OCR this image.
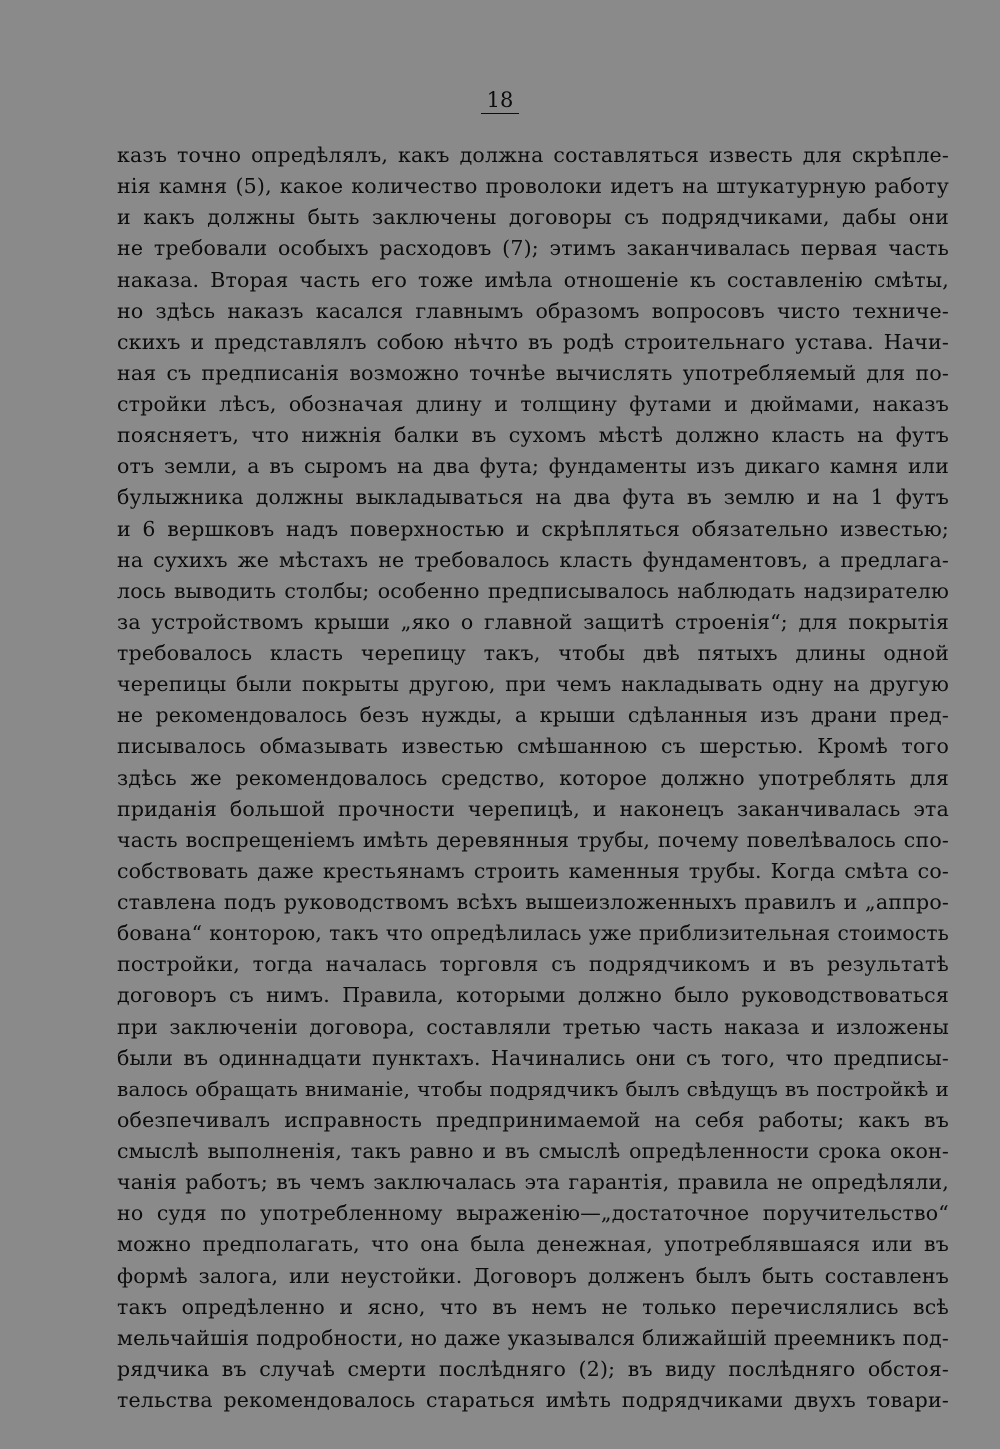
18
казъ точно опредѣлялъ, какъ должна составляться известь для скрѣпле-
нія камня (5), какое количество проволоки идетъ на штукатурную работу
и какъ должны быть заключены договоры съ подрядчиками, дабы они
не требовали особыхъ расходовъ (7); этимъ заканчивалась первая часть
наказа. Вторая часть его тоже имѣла отношеніе къ составленію смѣты,
но здѣсь наказъ касался главнымъ образомъ вопросовъ чисто техниче-
скихъ и представлялъ собою нѣчто въ родѣ строительнаго устава. Начи-
ная съ предписанія возможно точнѣе вычислять употребляемый для по-
стройки лѣсъ, обозначая длину и толщину футами и дюймами, наказъ
поясняетъ, что нижнія балки въ сухомъ мѣстѣ должно класть на футъ
отъ земли, а въ сыромъ на два фута; фундаменты изъ дикаго камня или
булыжника должны выкладываться на два фута въ землю и на 1 футъ
и 6 вершковъ надъ поверхностью и скрѣпляться обязательно известью;
на сухихъ же мѣстахъ не требовалось класть фундаментовъ, а предлага-
лось выводить столбы; особенно предписывалось наблюдать надзирателю
за устройствомъ крыши „яко о главной защитѣ строенія“; для покрытія
требовалось класть черепицу такъ, чтобы двѣ пятыхъ длины одной
черепицы были покрыты другою, при чемъ накладывать одну на другую
не рекомендовалось безъ нужды, а крыши сдѣланныя изъ драни пред-
писывалось обмазывать известью смѣшанною съ шерстью. Кромѣ того
здѣсь же рекомендовалось средство, которое должно употреблять для
приданія большой прочности черепицѣ, и наконецъ заканчивалась эта
часть воспрещеніемъ имѣть деревянныя трубы, почему повелѣвалось спо-
собствовать даже крестьянамъ строить каменныя трубы. Когда смѣта со-
ставлена подъ руководствомъ всѣхъ вышеизложенныхъ правилъ и „аппро-
бована“ конторою, такъ что опредѣлилась уже приблизительная стоимость
постройки, тогда началась торговля съ подрядчикомъ и въ результатѣ
договоръ съ нимъ. Правила, которыми должно было руководствоваться
при заключеніи договора, составляли третью часть наказа и изложены
были въ одиннадцати пунктахъ. Начинались они съ того, что предписы-
валось обращать вниманіе, чтобы подрядчикъ былъ свѣдущъ въ постройкѣ и
обезпечивалъ исправность предпринимаемой на себя работы; какъ въ
смыслѣ выполненія, такъ равно и въ смыслѣ опредѣленности срока окон-
чанія работъ; въ чемъ заключалась эта гарантія, правила не опредѣляли,
но судя по употребленному выраженію—„достаточное поручительство“
можно предполагать, что она была денежная, употреблявшаяся или въ
формѣ залога, или неустойки. Договоръ долженъ былъ быть составленъ
такъ опредѣленно и ясно, что въ немъ не только перечислялись всѣ
мельчайшія подробности, но даже указывался ближайшій преемникъ под-
рядчика въ случаѣ смерти послѣдняго (2); въ виду послѣдняго обстоя-
тельства рекомендовалось стараться имѣть подрядчиками двухъ товари-
